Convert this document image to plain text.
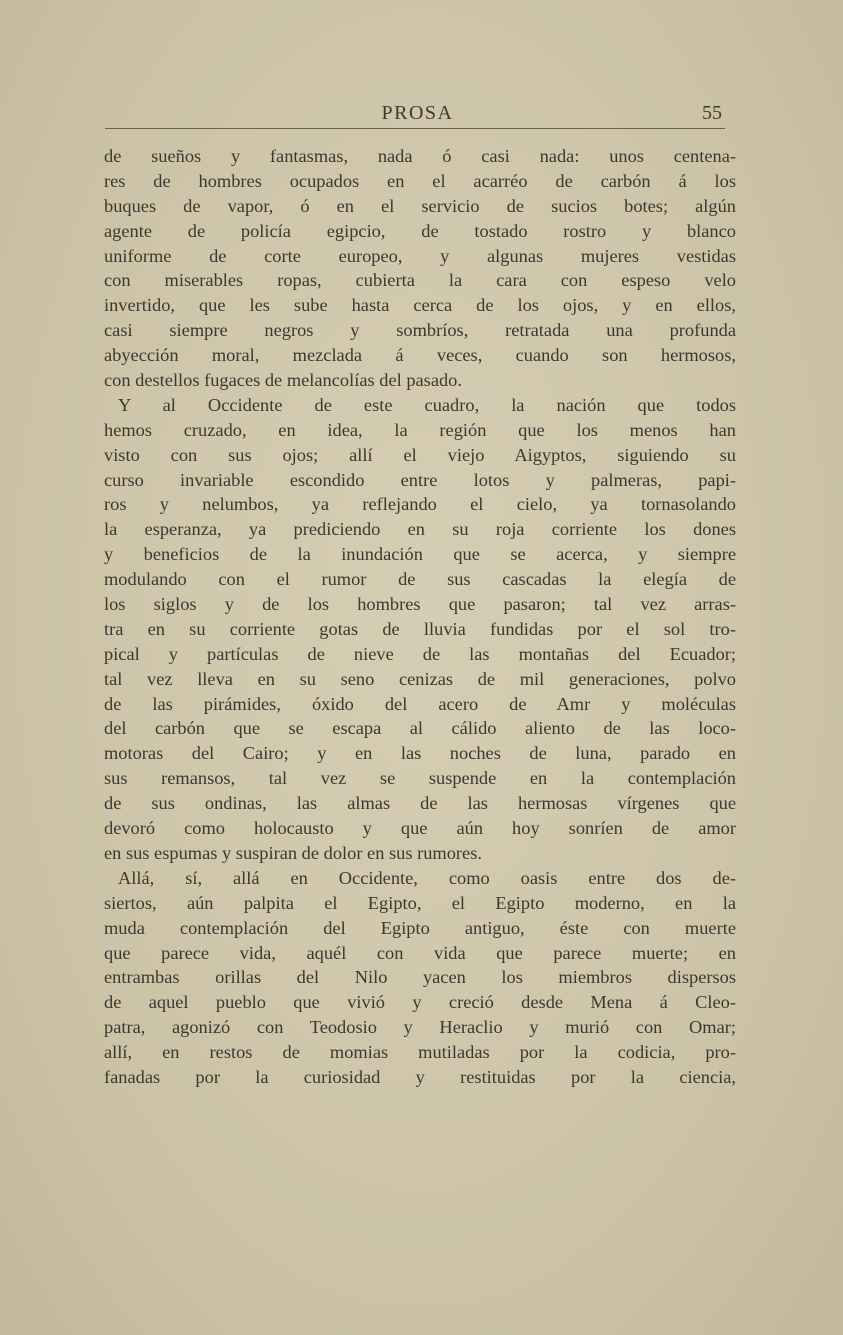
PROSA	55
de sueños y fantasmas, nada ó casi nada: unos centena-
res de hombres ocupados en el acarréo de carbón á los
buques de vapor, ó en el servicio de sucios botes; algún
agente de policía egipcio, de tostado rostro y blanco
uniforme de corte europeo, y algunas mujeres vestidas
con miserables ropas, cubierta la cara con espeso velo
invertido, que les sube hasta cerca de los ojos, y en ellos,
casi siempre negros y sombríos, retratada una profunda
abyección moral, mezclada á veces, cuando son hermosos,
con destellos fugaces de melancolías del pasado.
Y al Occidente de este cuadro, la nación que todos
hemos cruzado, en idea, la región que los menos han
visto con sus ojos; allí el viejo Aigyptos, siguiendo su
curso invariable escondido entre lotos y palmeras, papi-
ros y nelumbos, ya reflejando el cielo, ya tornasolando
la esperanza, ya prediciendo en su roja corriente los dones
y beneficios de la inundación que se acerca, y siempre
modulando con el rumor de sus cascadas la elegía de
los siglos y de los hombres que pasaron; tal vez arras-
tra en su corriente gotas de lluvia fundidas por el sol tro-
pical y partículas de nieve de las montañas del Ecuador;
tal vez lleva en su seno cenizas de mil generaciones, polvo
de las pirámides, óxido del acero de Amr y moléculas
del carbón que se escapa al cálido aliento de las loco-
motoras del Cairo; y en las noches de luna, parado en
sus remansos, tal vez se suspende en la contemplación
de sus ondinas, las almas de las hermosas vírgenes que
devoró como holocausto y que aún hoy sonríen de amor
en sus espumas y suspiran de dolor en sus rumores.
Allá, sí, allá en Occidente, como oasis entre dos de-
siertos, aún palpita el Egipto, el Egipto moderno, en la
muda contemplación del Egipto antiguo, éste con muerte
que parece vida, aquél con vida que parece muerte; en
entrambas orillas del Nilo yacen los miembros dispersos
de aquel pueblo que vivió y creció desde Mena á Cleo-
patra, agonizó con Teodosio y Heraclio y murió con Omar;
allí, en restos de momias mutiladas por la codicia, pro-
fanadas por la curiosidad y restituidas por la ciencia,
